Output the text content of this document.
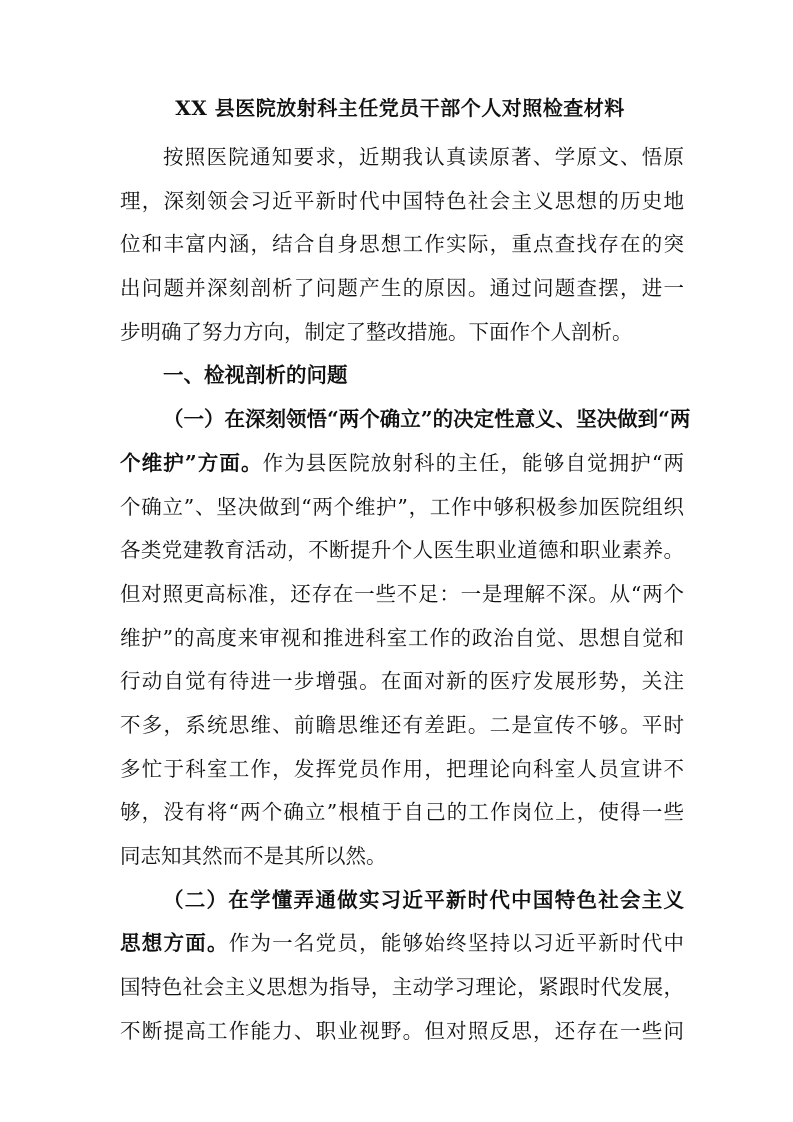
XX 县医院放射科主任党员干部个人对照检查材料
按照医院通知要求，近期我认真读原著、学原文、悟原
理，深刻领会习近平新时代中国特色社会主义思想的历史地
位和丰富内涵，结合自身思想工作实际，重点查找存在的突
出问题并深刻剖析了问题产生的原因。通过问题查摆，进一
步明确了努力方向，制定了整改措施。下面作个人剖析。
一、检视剖析的问题
（一）在深刻领悟“两个确立”的决定性意义、坚决做到“两
个维护”方面。作为县医院放射科的主任，能够自觉拥护“两
个确立”、坚决做到“两个维护”，工作中够积极参加医院组织
各类党建教育活动，不断提升个人医生职业道德和职业素养。
但对照更高标准，还存在一些不足：一是理解不深。从“两个
维护”的高度来审视和推进科室工作的政治自觉、思想自觉和
行动自觉有待进一步增强。在面对新的医疗发展形势，关注
不多，系统思维、前瞻思维还有差距。二是宣传不够。平时
多忙于科室工作，发挥党员作用，把理论向科室人员宣讲不
够，没有将“两个确立”根植于自己的工作岗位上，使得一些
同志知其然而不是其所以然。
（二）在学懂弄通做实习近平新时代中国特色社会主义
思想方面。作为一名党员，能够始终坚持以习近平新时代中
国特色社会主义思想为指导，主动学习理论，紧跟时代发展，
不断提高工作能力、职业视野。但对照反思，还存在一些问
